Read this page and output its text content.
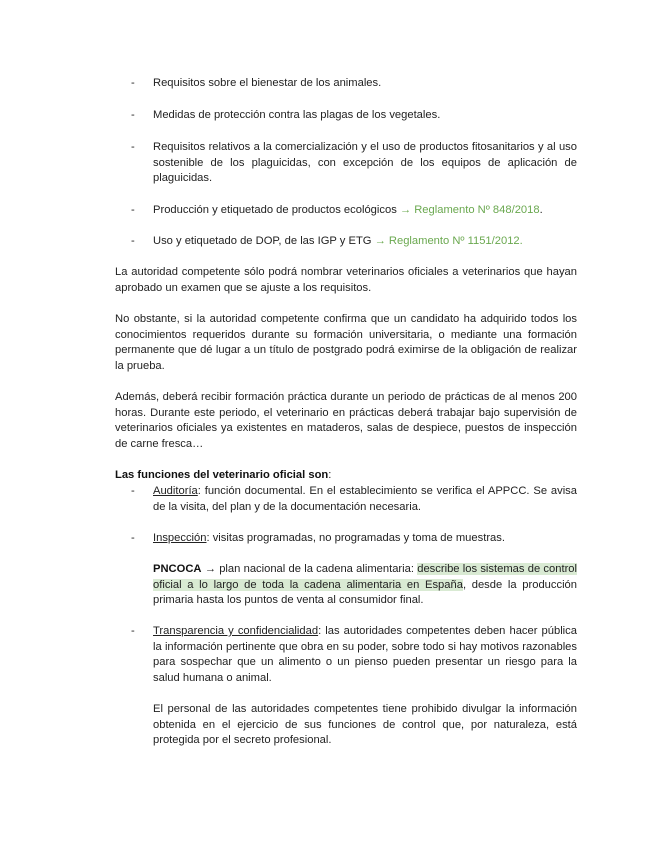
-	Requisitos sobre el bienestar de los animales.

-	Medidas de protección contra las plagas de los vegetales.

-	Requisitos relativos a la comercialización y el uso de productos fitosanitarios y al uso sostenible de los plaguicidas, con excepción de los equipos de aplicación de plaguicidas.

-	Producción y etiquetado de productos ecológicos → Reglamento Nº 848/2018.

-	Uso y etiquetado de DOP, de las IGP y ETG → Reglamento Nº 1151/2012.

La autoridad competente sólo podrá nombrar veterinarios oficiales a veterinarios que hayan aprobado un examen que se ajuste a los requisitos.

No obstante, si la autoridad competente confirma que un candidato ha adquirido todos los conocimientos requeridos durante su formación universitaria, o mediante una formación permanente que dé lugar a un título de postgrado podrá eximirse de la obligación de realizar la prueba.

Además, deberá recibir formación práctica durante un periodo de prácticas de al menos 200 horas. Durante este periodo, el veterinario en prácticas deberá trabajar bajo supervisión de veterinarios oficiales ya existentes en mataderos, salas de despiece, puestos de inspección de carne fresca…

Las funciones del veterinario oficial son:

-	Auditoría: función documental. En el establecimiento se verifica el APPCC. Se avisa de la visita, del plan y de la documentación necesaria.

-	Inspección: visitas programadas, no programadas y toma de muestras.

PNCOCA → plan nacional de la cadena alimentaria: describe los sistemas de control oficial a lo largo de toda la cadena alimentaria en España, desde la producción primaria hasta los puntos de venta al consumidor final.

-	Transparencia y confidencialidad: las autoridades competentes deben hacer pública la información pertinente que obra en su poder, sobre todo si hay motivos razonables para sospechar que un alimento o un pienso pueden presentar un riesgo para la salud humana o animal.

El personal de las autoridades competentes tiene prohibido divulgar la información obtenida en el ejercicio de sus funciones de control que, por naturaleza, está protegida por el secreto profesional.
